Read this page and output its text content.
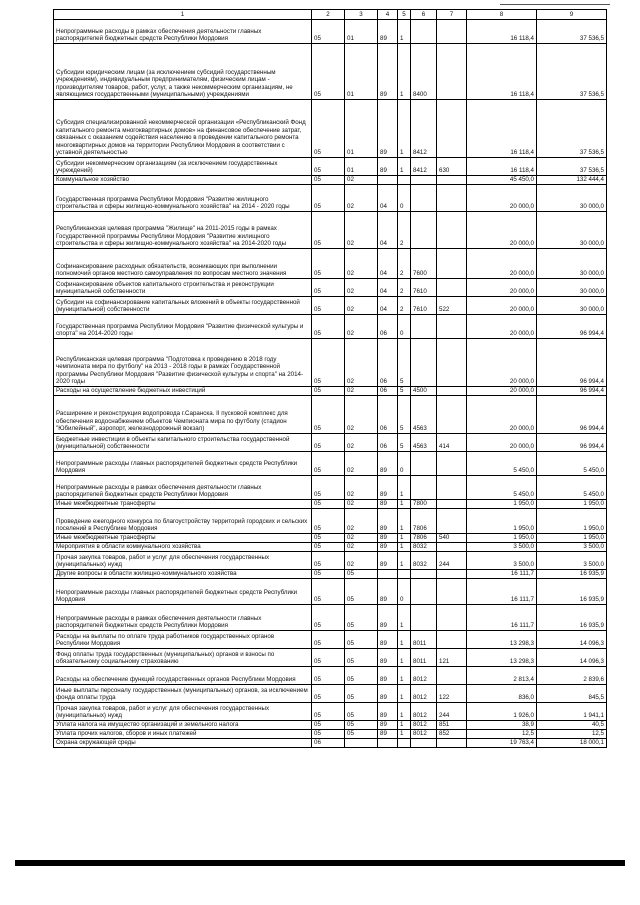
1	2	3	4	5	6	7	8	9
Непрограммные расходы в рамках обеспечения деятельности главных распорядителей бюджетных средств Республики Мордовия	05	01	89	1			16 118,4	37 536,5
Субсидии юридическим лицам (за исключением субсидий государственным учреждениям), индивидуальным предпринимателям, физическим лицам - производителям товаров, работ, услуг, а также некоммерческим организациям, не являющимся государственными (муниципальными) учреждениями	05	01	89	1	8400		16 118,4	37 536,5
Субсидия специализированной некоммерческой организации «Республиканский Фонд капитального ремонта многоквартирных домов» на финансовое обеспечение затрат, связанных с оказанием содействия населению в проведении капитального ремонта многоквартирных домов на территории Республики Мордовия в соответствии с уставной деятельностью	05	01	89	1	8412		16 118,4	37 536,5
Субсидии некоммерческим организациям (за исключением государственных учреждений)	05	01	89	1	8412	630	16 118,4	37 536,5
Коммунальное хозяйство	05	02					45 450,0	132 444,4
Государственная программа Республики Мордовия "Развитие жилищного строительства и сферы жилищно-коммунального хозяйства" на 2014 - 2020 годы	05	02	04	0			20 000,0	30 000,0
Республиканская целевая программа "Жилище" на 2011-2015 годы в рамках Государственной программы Республики Мордовия "Развитие жилищного строительства и сферы жилищно-коммунального хозяйства" на 2014-2020 годы	05	02	04	2			20 000,0	30 000,0
Софинансирование расходных обязательств, возникающих при выполнении полномочий органов местного самоуправления по вопросам местного значения	05	02	04	2	7600		20 000,0	30 000,0
Софинансирование объектов капитального строительства и реконструкции муниципальной собственности	05	02	04	2	7610		20 000,0	30 000,0
Субсидии на софинансирование капитальных вложений в объекты государственной (муниципальной) собственности	05	02	04	2	7610	522	20 000,0	30 000,0
Государственная программа Республики Мордовия "Развитие физической культуры и спорта" на 2014-2020 годы	05	02	06	0			20 000,0	96 994,4
Республиканская целевая программа "Подготовка к проведению в 2018 году чемпионата мира по футболу" на 2013 - 2018 годы в рамках Государственной программы Республики Мордовия "Развитие физической культуры и спорта" на 2014-2020 годы	05	02	06	5			20 000,0	96 994,4
Расходы на осуществление бюджетных инвестиций	05	02	06	5	4500		20 000,0	96 994,4
Расширение и реконструкция водопровода г.Саранска. II пусковой комплекс для обеспечения водоснабжением объектов Чемпионата мира по футболу (стадион "Юбилейный", аэропорт, железнодорожный вокзал)	05	02	06	5	4563		20 000,0	96 994,4
Бюджетные инвестиции в объекты капитального строительства государственной (муниципальной) собственности	05	02	06	5	4563	414	20 000,0	96 994,4
Непрограммные расходы главных распорядителей бюджетных средств Республики Мордовия	05	02	89	0			5 450,0	5 450,0
Непрограммные расходы в рамках обеспечения деятельности главных распорядителей бюджетных средств Республики Мордовия	05	02	89	1			5 450,0	5 450,0
Иные межбюджетные трансферты	05	02	89	1	7800		1 950,0	1 950,0
Проведение ежегодного конкурса по благоустройству территорий городских и сельских поселений в Республике Мордовия	05	02	89	1	7806		1 950,0	1 950,0
Иные межбюджетные трансферты	05	02	89	1	7806	540	1 950,0	1 950,0
Мероприятия в области коммунального хозяйства	05	02	89	1	8032		3 500,0	3 500,0
Прочая закупка товаров, работ и услуг для обеспечения государственных (муниципальных) нужд	05	02	89	1	8032	244	3 500,0	3 500,0
Другие вопросы в области жилищно-коммунального хозяйства	05	05					16 111,7	16 935,9
Непрограммные расходы главных распорядителей бюджетных средств Республики Мордовия	05	05	89	0			16 111,7	16 935,9
Непрограммные расходы в рамках обеспечения деятельности главных распорядителей бюджетных средств Республики Мордовия	05	05	89	1			16 111,7	16 935,9
Расходы на выплаты по оплате труда работников государственных органов Республики Мордовия	05	05	89	1	8011		13 298,3	14 096,3
Фонд оплаты труда государственных (муниципальных) органов и взносы по обязательному социальному страхованию	05	05	89	1	8011	121	13 298,3	14 096,3
Расходы на обеспечение функций государственных органов Республики Мордовия	05	05	89	1	8012		2 813,4	2 839,6
Иные выплаты персоналу государственных (муниципальных) органов, за исключением фонда оплаты труда	05	05	89	1	8012	122	836,0	845,5
Прочая закупка товаров, работ и услуг для обеспечения государственных (муниципальных) нужд	05	05	89	1	8012	244	1 926,0	1 941,1
Уплата налога на имущество организаций и земельного налога	05	05	89	1	8012	851	38,9	40,5
Уплата прочих налогов, сборов и иных платежей	05	05	89	1	8012	852	12,5	12,5
Охрана окружающей среды	06						19 763,4	18 000,1
